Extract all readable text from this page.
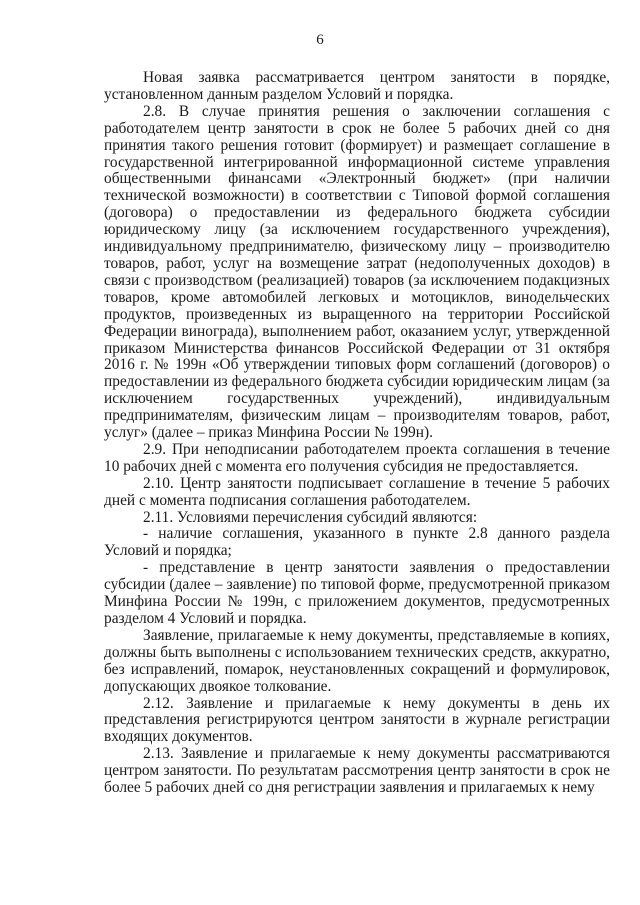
6

Новая заявка рассматривается центром занятости в порядке, установленном данным разделом Условий и порядка.

2.8. В случае принятия решения о заключении соглашения с работодателем центр занятости в срок не более 5 рабочих дней со дня принятия такого решения готовит (формирует) и размещает соглашение в государственной интегрированной информационной системе управления общественными финансами «Электронный бюджет» (при наличии технической возможности) в соответствии с Типовой формой соглашения (договора) о предоставлении из федерального бюджета субсидии юридическому лицу (за исключением государственного учреждения), индивидуальному предпринимателю, физическому лицу – производителю товаров, работ, услуг на возмещение затрат (недополученных доходов) в связи с производством (реализацией) товаров (за исключением подакцизных товаров, кроме автомобилей легковых и мотоциклов, винодельческих продуктов, произведенных из выращенного на территории Российской Федерации винограда), выполнением работ, оказанием услуг, утвержденной приказом Министерства финансов Российской Федерации от 31 октября 2016 г. № 199н «Об утверждении типовых форм соглашений (договоров) о предоставлении из федерального бюджета субсидии юридическим лицам (за исключением государственных учреждений), индивидуальным предпринимателям, физическим лицам – производителям товаров, работ, услуг» (далее – приказ Минфина России № 199н).

2.9. При неподписании работодателем проекта соглашения в течение 10 рабочих дней с момента его получения субсидия не предоставляется.

2.10. Центр занятости подписывает соглашение в течение 5 рабочих дней с момента подписания соглашения работодателем.

2.11. Условиями перечисления субсидий являются:

- наличие соглашения, указанного в пункте 2.8 данного раздела Условий и порядка;

- представление в центр занятости заявления о предоставлении субсидии (далее – заявление) по типовой форме, предусмотренной приказом Минфина России № 199н, с приложением документов, предусмотренных разделом 4 Условий и порядка.

Заявление, прилагаемые к нему документы, представляемые в копиях, должны быть выполнены с использованием технических средств, аккуратно, без исправлений, помарок, неустановленных сокращений и формулировок, допускающих двоякое толкование.

2.12. Заявление и прилагаемые к нему документы в день их представления регистрируются центром занятости в журнале регистрации входящих документов.

2.13. Заявление и прилагаемые к нему документы рассматриваются центром занятости. По результатам рассмотрения центр занятости в срок не более 5 рабочих дней со дня регистрации заявления и прилагаемых к нему
